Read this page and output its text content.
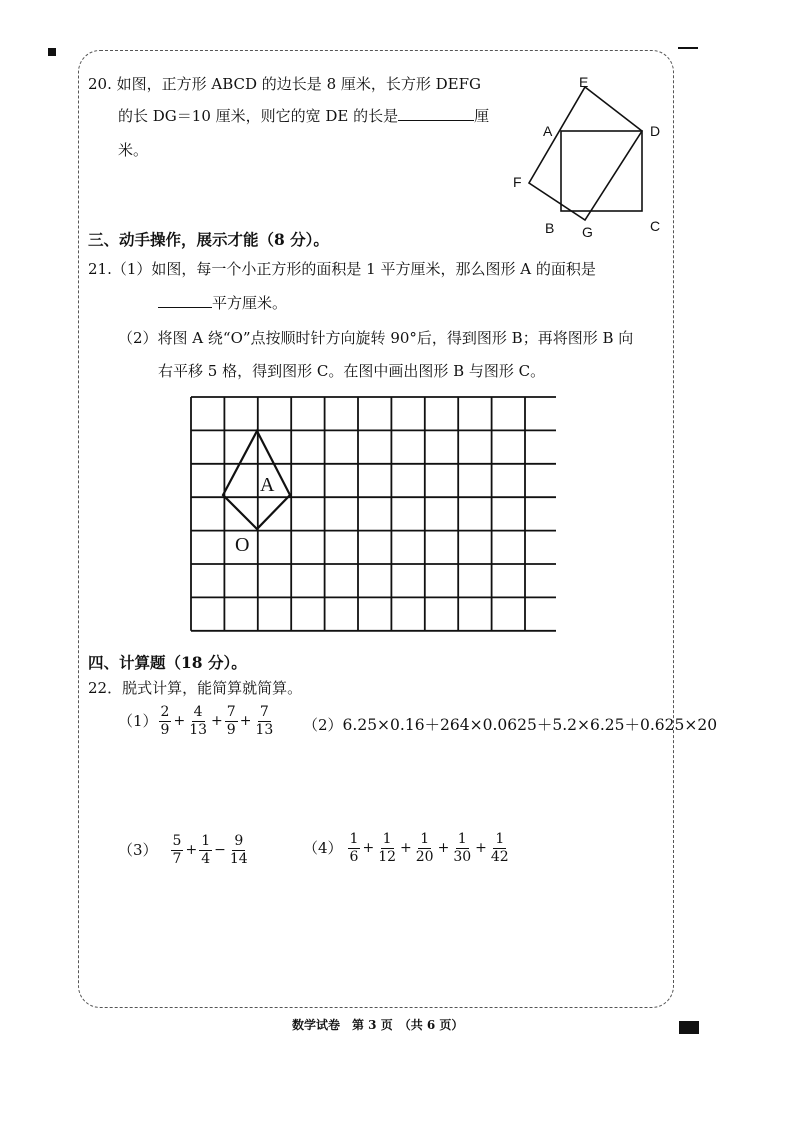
20. 如图，正方形 ABCD 的边长是 8 厘米，长方形 DEFG
的长 DG＝10 厘米，则它的宽 DE 的长是	厘
米。
E
A	D
F
B G	C
三、动手操作，展示才能（8 分）。
21.（1）如图，每一个小正方形的面积是 1 平方厘米，那么图形 A 的面积是
平方厘米。
（2）将图 A 绕“O”点按顺时针方向旋转 90°后，得到图形 B；再将图形 B 向
右平移 5 格，得到图形 C。在图中画出图形 B 与图形 C。
A
O
四、计算题（18 分）。
22．脱式计算，能简算就简算。
$(1) \frac{2}{9} + \frac{4}{13} + \frac{7}{9} + \frac{7}{13} (2)$ 6.25×0.16＋264×0.0625＋5.2×6.25＋0.625×20
$(3) \frac{5}{7} + \frac{1}{4} - \frac{9}{14}$	$(4) \frac{1}{6} + \frac{1}{12} + \frac{1}{20} + \frac{1}{30} + \frac{1}{42}$
数学试卷　第 3 页　（共 6 页）
